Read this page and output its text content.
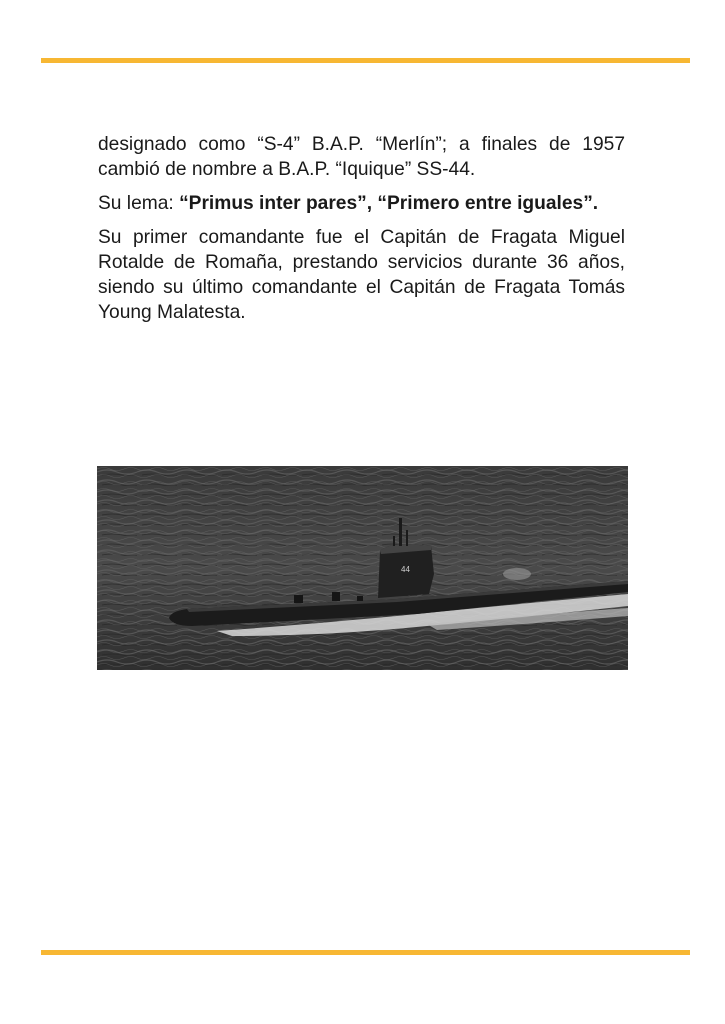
designado como “S-4” B.A.P. “Merlín”; a finales de 1957 cambió de nombre a B.A.P. “Iquique” SS-44.

Su lema: “Primus inter pares”, “Primero entre iguales”.

Su primer comandante fue el Capitán de Fragata Miguel Rotalde de Romaña, prestando servicios durante 36 años, siendo su último comandante el Capitán de Fragata Tomás Young Malatesta.

44
